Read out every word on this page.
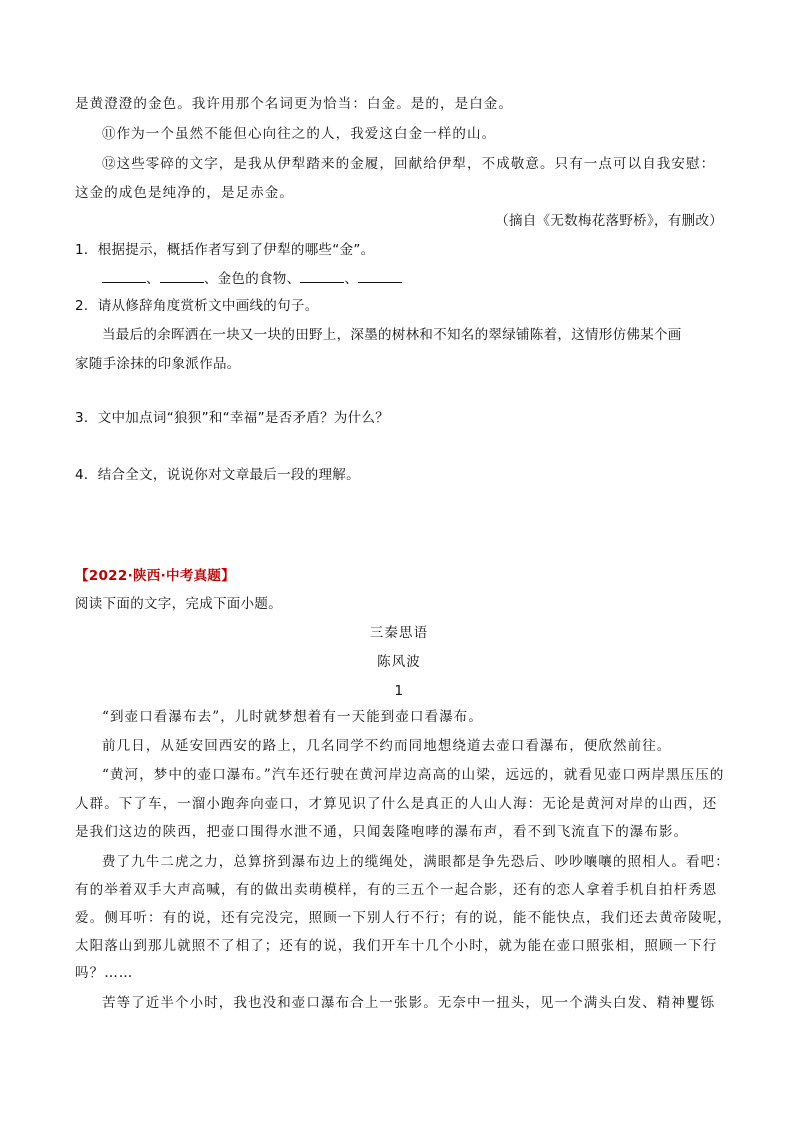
是黄澄澄的金色。我许用那个名词更为恰当：白金。是的，是白金。
⑪作为一个虽然不能但心向往之的人，我爱这白金一样的山。
⑫这些零碎的文字，是我从伊犁踏来的金履，回献给伊犁，不成敬意。只有一点可以自我安慰：
这金的成色是纯净的，是足赤金。
（摘自《无数梅花落野桥》，有删改）
1．根据提示，概括作者写到了伊犁的哪些“金”。
、	、金色的食物、	、
2．请从修辞角度赏析文中画线的句子。
当最后的余晖洒在一块又一块的田野上，深墨的树林和不知名的翠绿铺陈着，这情形仿佛某个画
家随手涂抹的印象派作品。
3．文中加点词“狼狈”和“幸福”是否矛盾？为什么？
4．结合全文，说说你对文章最后一段的理解。
【2022·陕西·中考真题】
阅读下面的文字，完成下面小题。
三秦思语
陈风波
1
“到壶口看瀑布去”，儿时就梦想着有一天能到壶口看瀑布。
前几日，从延安回西安的路上，几名同学不约而同地想绕道去壶口看瀑布，便欣然前往。
“黄河，梦中的壶口瀑布。”汽车还行驶在黄河岸边高高的山梁，远远的，就看见壶口两岸黑压压的
人群。下了车，一溜小跑奔向壶口，才算见识了什么是真正的人山人海：无论是黄河对岸的山西，还
是我们这边的陕西，把壶口围得水泄不通，只闻轰隆咆哮的瀑布声，看不到飞流直下的瀑布影。
费了九牛二虎之力，总算挤到瀑布边上的缆绳处，满眼都是争先恐后、吵吵嚷嚷的照相人。看吧：
有的举着双手大声高喊，有的做出卖萌模样，有的三五个一起合影，还有的恋人拿着手机自拍杆秀恩
爱。侧耳听：有的说，还有完没完，照顾一下别人行不行；有的说，能不能快点，我们还去黄帝陵呢，
太阳落山到那儿就照不了相了；还有的说，我们开车十几个小时，就为能在壶口照张相，照顾一下行
吗？……
苦等了近半个小时，我也没和壶口瀑布合上一张影。无奈中一扭头，见一个满头白发、精神矍铄
